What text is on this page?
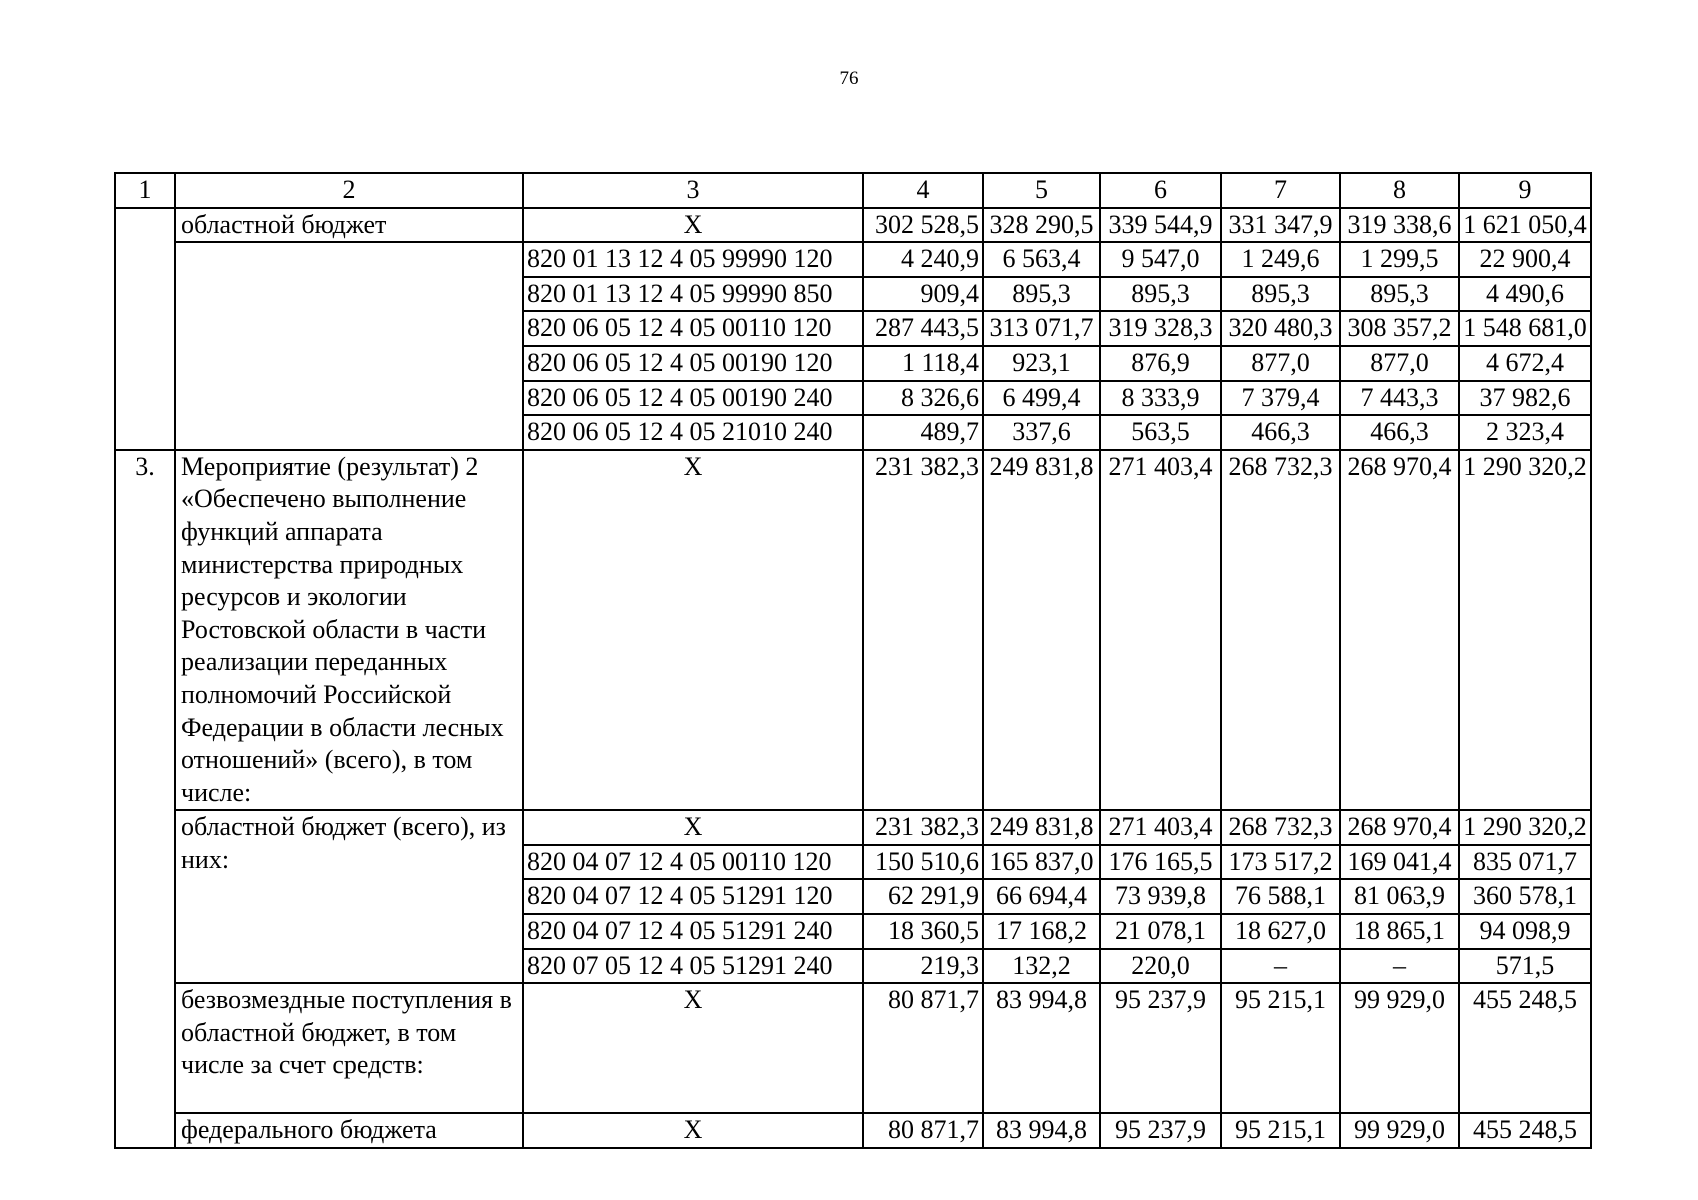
76
1	2	3	4	5	6	7	8	9
	областной бюджет	X	302 528,5	328 290,5	339 544,9	331 347,9	319 338,6	1 621 050,4
		820 01 13 12 4 05 99990 120	4 240,9	6 563,4	9 547,0	1 249,6	1 299,5	22 900,4
		820 01 13 12 4 05 99990 850	909,4	895,3	895,3	895,3	895,3	4 490,6
		820 06 05 12 4 05 00110 120	287 443,5	313 071,7	319 328,3	320 480,3	308 357,2	1 548 681,0
		820 06 05 12 4 05 00190 120	1 118,4	923,1	876,9	877,0	877,0	4 672,4
		820 06 05 12 4 05 00190 240	8 326,6	6 499,4	8 333,9	7 379,4	7 443,3	37 982,6
		820 06 05 12 4 05 21010 240	489,7	337,6	563,5	466,3	466,3	2 323,4
3.	Мероприятие (результат) 2 «Обеспечено выполнение функций аппарата министерства природных ресурсов и экологии Ростовской области в части реализации переданных полномочий Российской Федерации в области лесных отношений» (всего), в том числе:	X	231 382,3	249 831,8	271 403,4	268 732,3	268 970,4	1 290 320,2
	областной бюджет (всего), из них:	X	231 382,3	249 831,8	271 403,4	268 732,3	268 970,4	1 290 320,2
		820 04 07 12 4 05 00110 120	150 510,6	165 837,0	176 165,5	173 517,2	169 041,4	835 071,7
		820 04 07 12 4 05 51291 120	62 291,9	66 694,4	73 939,8	76 588,1	81 063,9	360 578,1
		820 04 07 12 4 05 51291 240	18 360,5	17 168,2	21 078,1	18 627,0	18 865,1	94 098,9
		820 07 05 12 4 05 51291 240	219,3	132,2	220,0	–	–	571,5
	безвозмездные поступления в областной бюджет, в том числе за счет средств:	X	80 871,7	83 994,8	95 237,9	95 215,1	99 929,0	455 248,5
	федерального бюджета	X	80 871,7	83 994,8	95 237,9	95 215,1	99 929,0	455 248,5
